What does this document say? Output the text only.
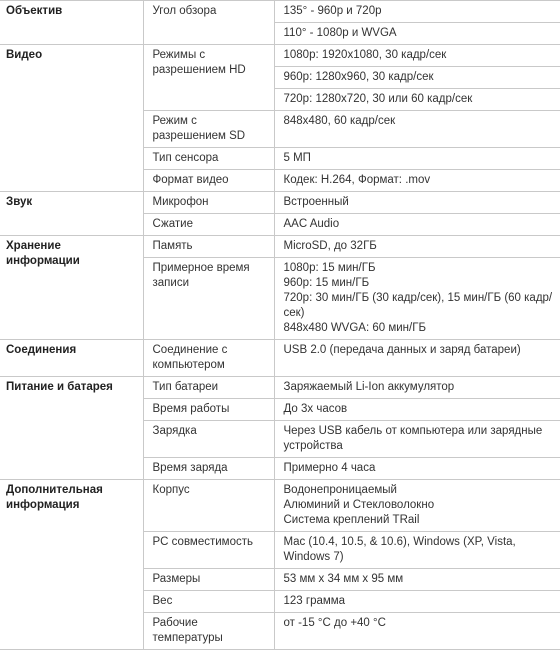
Объектив	Угол обзора	135° - 960p и 720p
		110° - 1080p и WVGA
Видео	Режимы с разрешением HD	1080p: 1920x1080, 30 кадр/сек
		960p: 1280x960, 30 кадр/сек
		720p: 1280x720, 30 или 60 кадр/сек
	Режим с разрешением SD	848x480, 60 кадр/сек
	Тип сенсора	5 МП
	Формат видео	Кодек: H.264, Формат: .mov
Звук	Микрофон	Встроенный
	Сжатие	AAC Audio
Хранение информации	Память	MicroSD, до 32ГБ
	Примерное время записи	1080p: 15 мин/ГБ
960p: 15 мин/ГБ
720p: 30 мин/ГБ (30 кадр/сек), 15 мин/ГБ (60 кадр/сек)
848x480 WVGA: 60 мин/ГБ

Соединения	Соединение с компьютером	USB 2.0 (передача данных и заряд батареи)
Питание и батарея	Тип батареи	Заряжаемый Li-Ion аккумулятор
	Время работы	До 3х часов
	Зарядка	Через USB кабель от компьютера или зарядные устройства
	Время заряда	Примерно 4 часа
Дополнительная информация	Корпус	Водонепроницаемый
Алюминий и Стекловолокно
Система креплений TRail

	PC совместимость	Mac (10.4, 10.5, & 10.6), Windows (XP, Vista, Windows 7)
	Размеры	53 мм x 34 мм x 95 мм
	Вес	123 грамма
	Рабочие температуры	от -15 °С до +40 °С
